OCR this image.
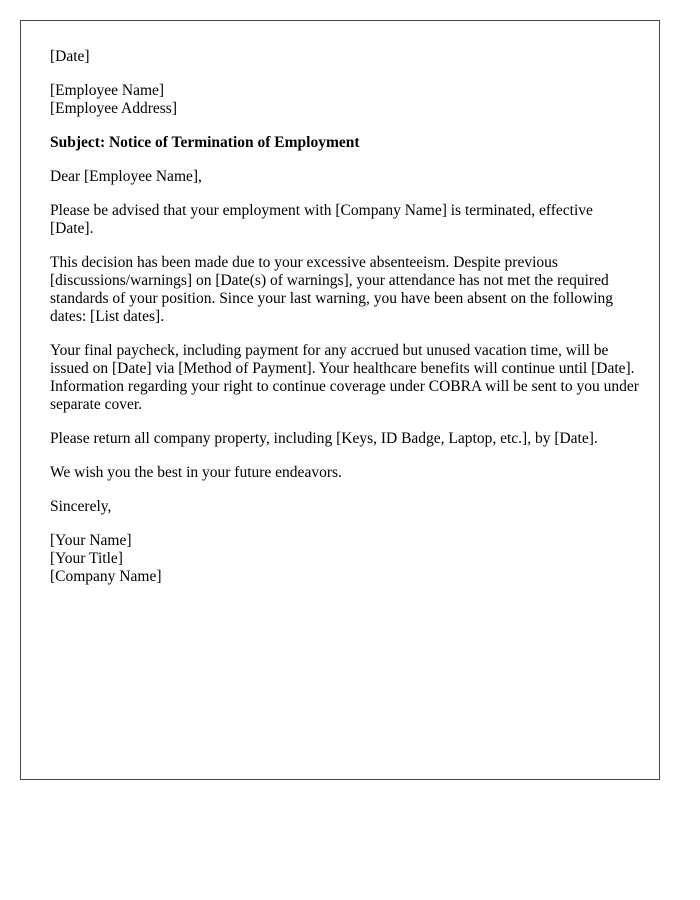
[Date]

[Employee Name]
[Employee Address]

Subject: Notice of Termination of Employment

Dear [Employee Name],

Please be advised that your employment with [Company Name] is terminated, effective [Date].

This decision has been made due to your excessive absenteeism. Despite previous [discussions/warnings] on [Date(s) of warnings], your attendance has not met the required standards of your position. Since your last warning, you have been absent on the following dates: [List dates].

Your final paycheck, including payment for any accrued but unused vacation time, will be issued on [Date] via [Method of Payment]. Your healthcare benefits will continue until [Date]. Information regarding your right to continue coverage under COBRA will be sent to you under separate cover.

Please return all company property, including [Keys, ID Badge, Laptop, etc.], by [Date].

We wish you the best in your future endeavors.

Sincerely,

[Your Name]
[Your Title]
[Company Name]
